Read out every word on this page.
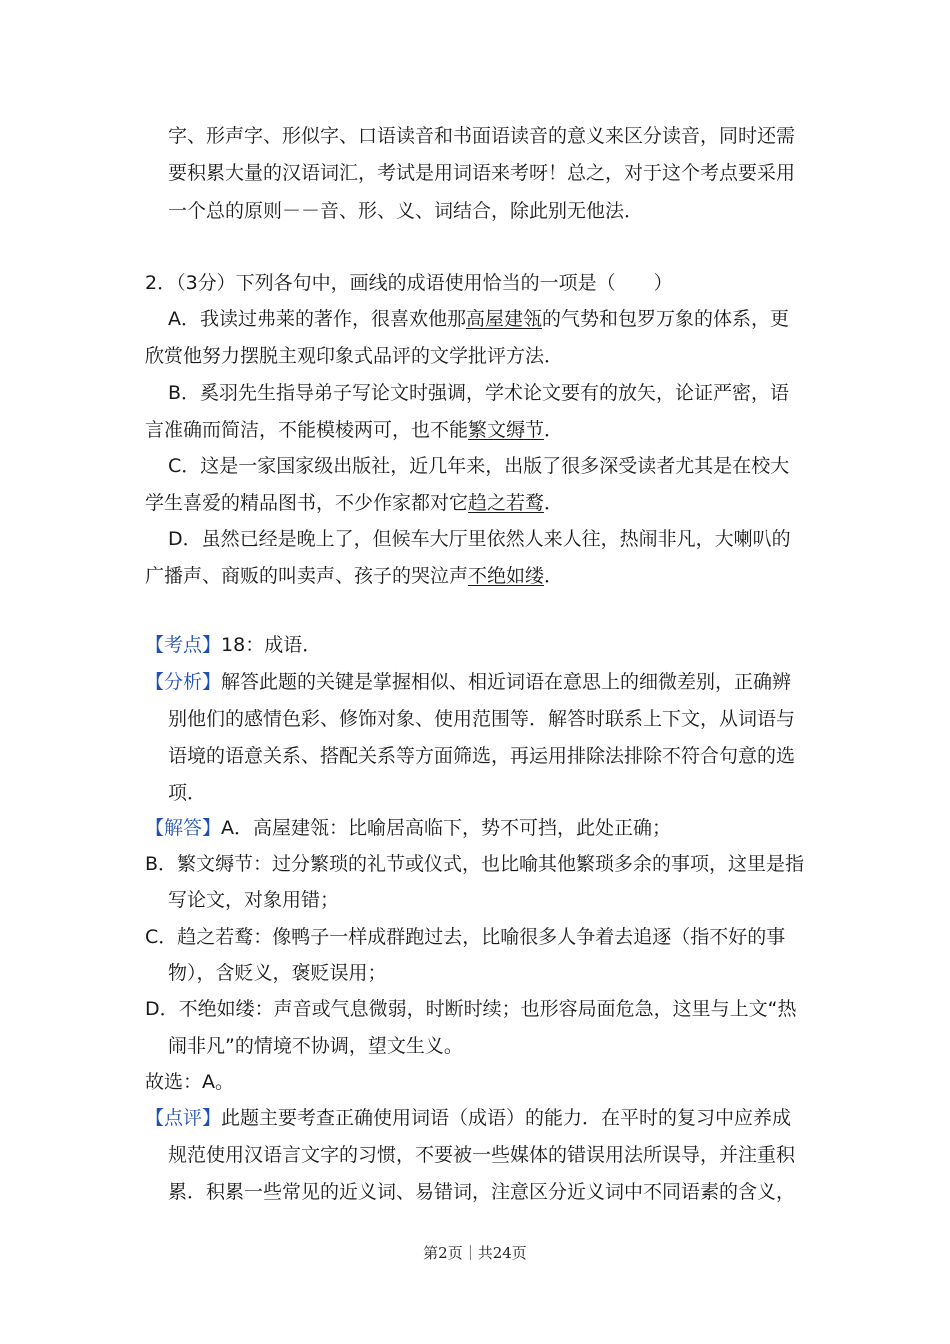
字、形声字、形似字、口语读音和书面语读音的意义来区分读音，同时还需
要积累大量的汉语词汇，考试是用词语来考呀！总之，对于这个考点要采用
一个总的原则－－音、形、义、词结合，除此别无他法．
2．（3分）下列各句中，画线的成语使用恰当的一项是（　　）
A．我读过弗莱的著作，很喜欢他那高屋建瓴的气势和包罗万象的体系，更
欣赏他努力摆脱主观印象式品评的文学批评方法．
B．奚羽先生指导弟子写论文时强调，学术论文要有的放矢，论证严密，语
言准确而简洁，不能模棱两可，也不能繁文缛节．
C．这是一家国家级出版社，近几年来，出版了很多深受读者尤其是在校大
学生喜爱的精品图书，不少作家都对它趋之若鹜．
D．虽然已经是晚上了，但候车大厅里依然人来人往，热闹非凡，大喇叭的
广播声、商贩的叫卖声、孩子的哭泣声不绝如缕．
【考点】18：成语．
【分析】解答此题的关键是掌握相似、相近词语在意思上的细微差别，正确辨
别他们的感情色彩、修饰对象、使用范围等．解答时联系上下文，从词语与
语境的语意关系、搭配关系等方面筛选，再运用排除法排除不符合句意的选
项．
【解答】A．高屋建瓴：比喻居高临下，势不可挡，此处正确；
B．繁文缛节：过分繁琐的礼节或仪式，也比喻其他繁琐多余的事项，这里是指
写论文，对象用错；
C．趋之若鹜：像鸭子一样成群跑过去，比喻很多人争着去追逐（指不好的事
物），含贬义，褒贬误用；
D．不绝如缕：声音或气息微弱，时断时续；也形容局面危急，这里与上文“热
闹非凡”的情境不协调，望文生义。
故选：A。
【点评】此题主要考查正确使用词语（成语）的能力．在平时的复习中应养成
规范使用汉语言文字的习惯，不要被一些媒体的错误用法所误导，并注重积
累．积累一些常见的近义词、易错词，注意区分近义词中不同语素的含义，
第2页｜共24页
